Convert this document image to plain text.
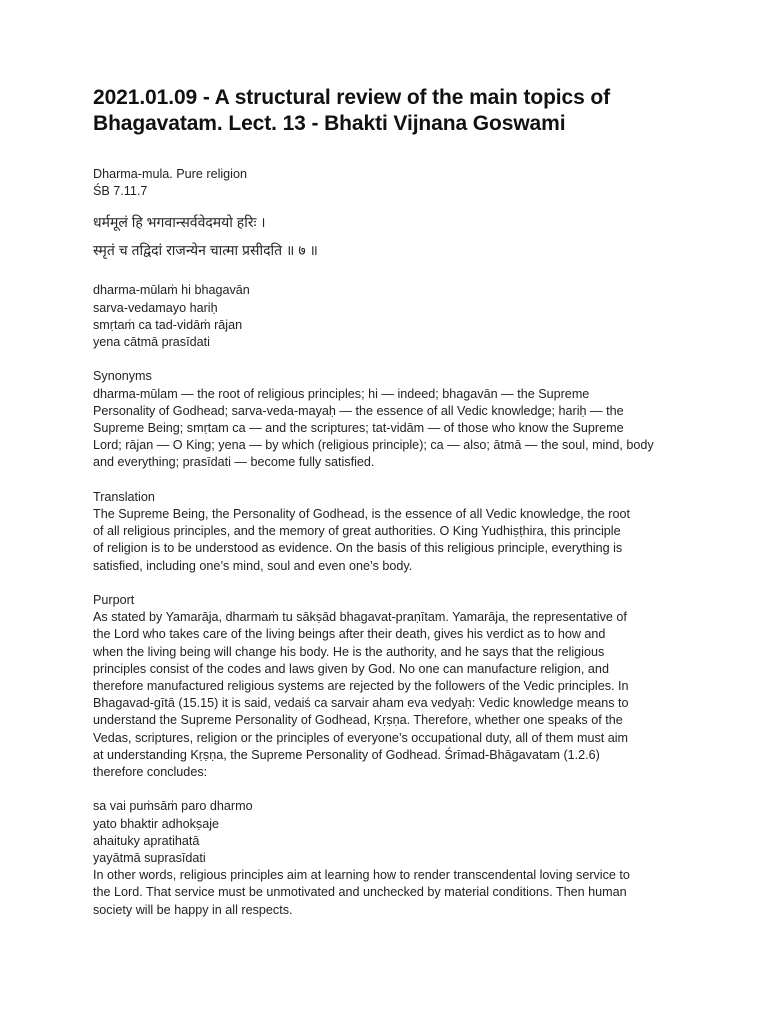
2021.01.09 - A structural review of the main topics of Bhagavatam. Lect. 13 - Bhakti Vijnana Goswami
Dharma-mula. Pure religion
ŚB 7.11.7
धर्ममूलं हि भगवान्सर्ववेदमयो हरिः ।
स्मृतं च तद्विदां राजन्येन चात्मा प्रसीदति ॥ ७ ॥
dharma-mūlaṁ hi bhagavān
sarva-vedamayo hariḥ
smṛtaṁ ca tad-vidāṁ rājan
yena cātmā prasīdati
Synonyms
dharma-mūlam — the root of religious principles; hi — indeed; bhagavān — the Supreme
Personality of Godhead; sarva-veda-mayaḥ — the essence of all Vedic knowledge; hariḥ — the
Supreme Being; smṛtam ca — and the scriptures; tat-vidām — of those who know the Supreme
Lord; rājan — O King; yena — by which (religious principle); ca — also; ātmā — the soul, mind, body
and everything; prasīdati — become fully satisfied.
Translation
The Supreme Being, the Personality of Godhead, is the essence of all Vedic knowledge, the root
of all religious principles, and the memory of great authorities. O King Yudhiṣṭhira, this principle
of religion is to be understood as evidence. On the basis of this religious principle, everything is
satisfied, including one’s mind, soul and even one’s body.
Purport
As stated by Yamarāja, dharmaṁ tu sākṣād bhagavat-praṇītam. Yamarāja, the representative of
the Lord who takes care of the living beings after their death, gives his verdict as to how and
when the living being will change his body. He is the authority, and he says that the religious
principles consist of the codes and laws given by God. No one can manufacture religion, and
therefore manufactured religious systems are rejected by the followers of the Vedic principles. In
Bhagavad-gītā (15.15) it is said, vedaiś ca sarvair aham eva vedyaḥ: Vedic knowledge means to
understand the Supreme Personality of Godhead, Kṛṣṇa. Therefore, whether one speaks of the
Vedas, scriptures, religion or the principles of everyone’s occupational duty, all of them must aim
at understanding Kṛṣṇa, the Supreme Personality of Godhead. Śrīmad-Bhāgavatam (1.2.6)
therefore concludes:
sa vai puṁsāṁ paro dharmo
yato bhaktir adhokṣaje
ahaituky apratihatā
yayātmā suprasīdati
In other words, religious principles aim at learning how to render transcendental loving service to
the Lord. That service must be unmotivated and unchecked by material conditions. Then human
society will be happy in all respects.
